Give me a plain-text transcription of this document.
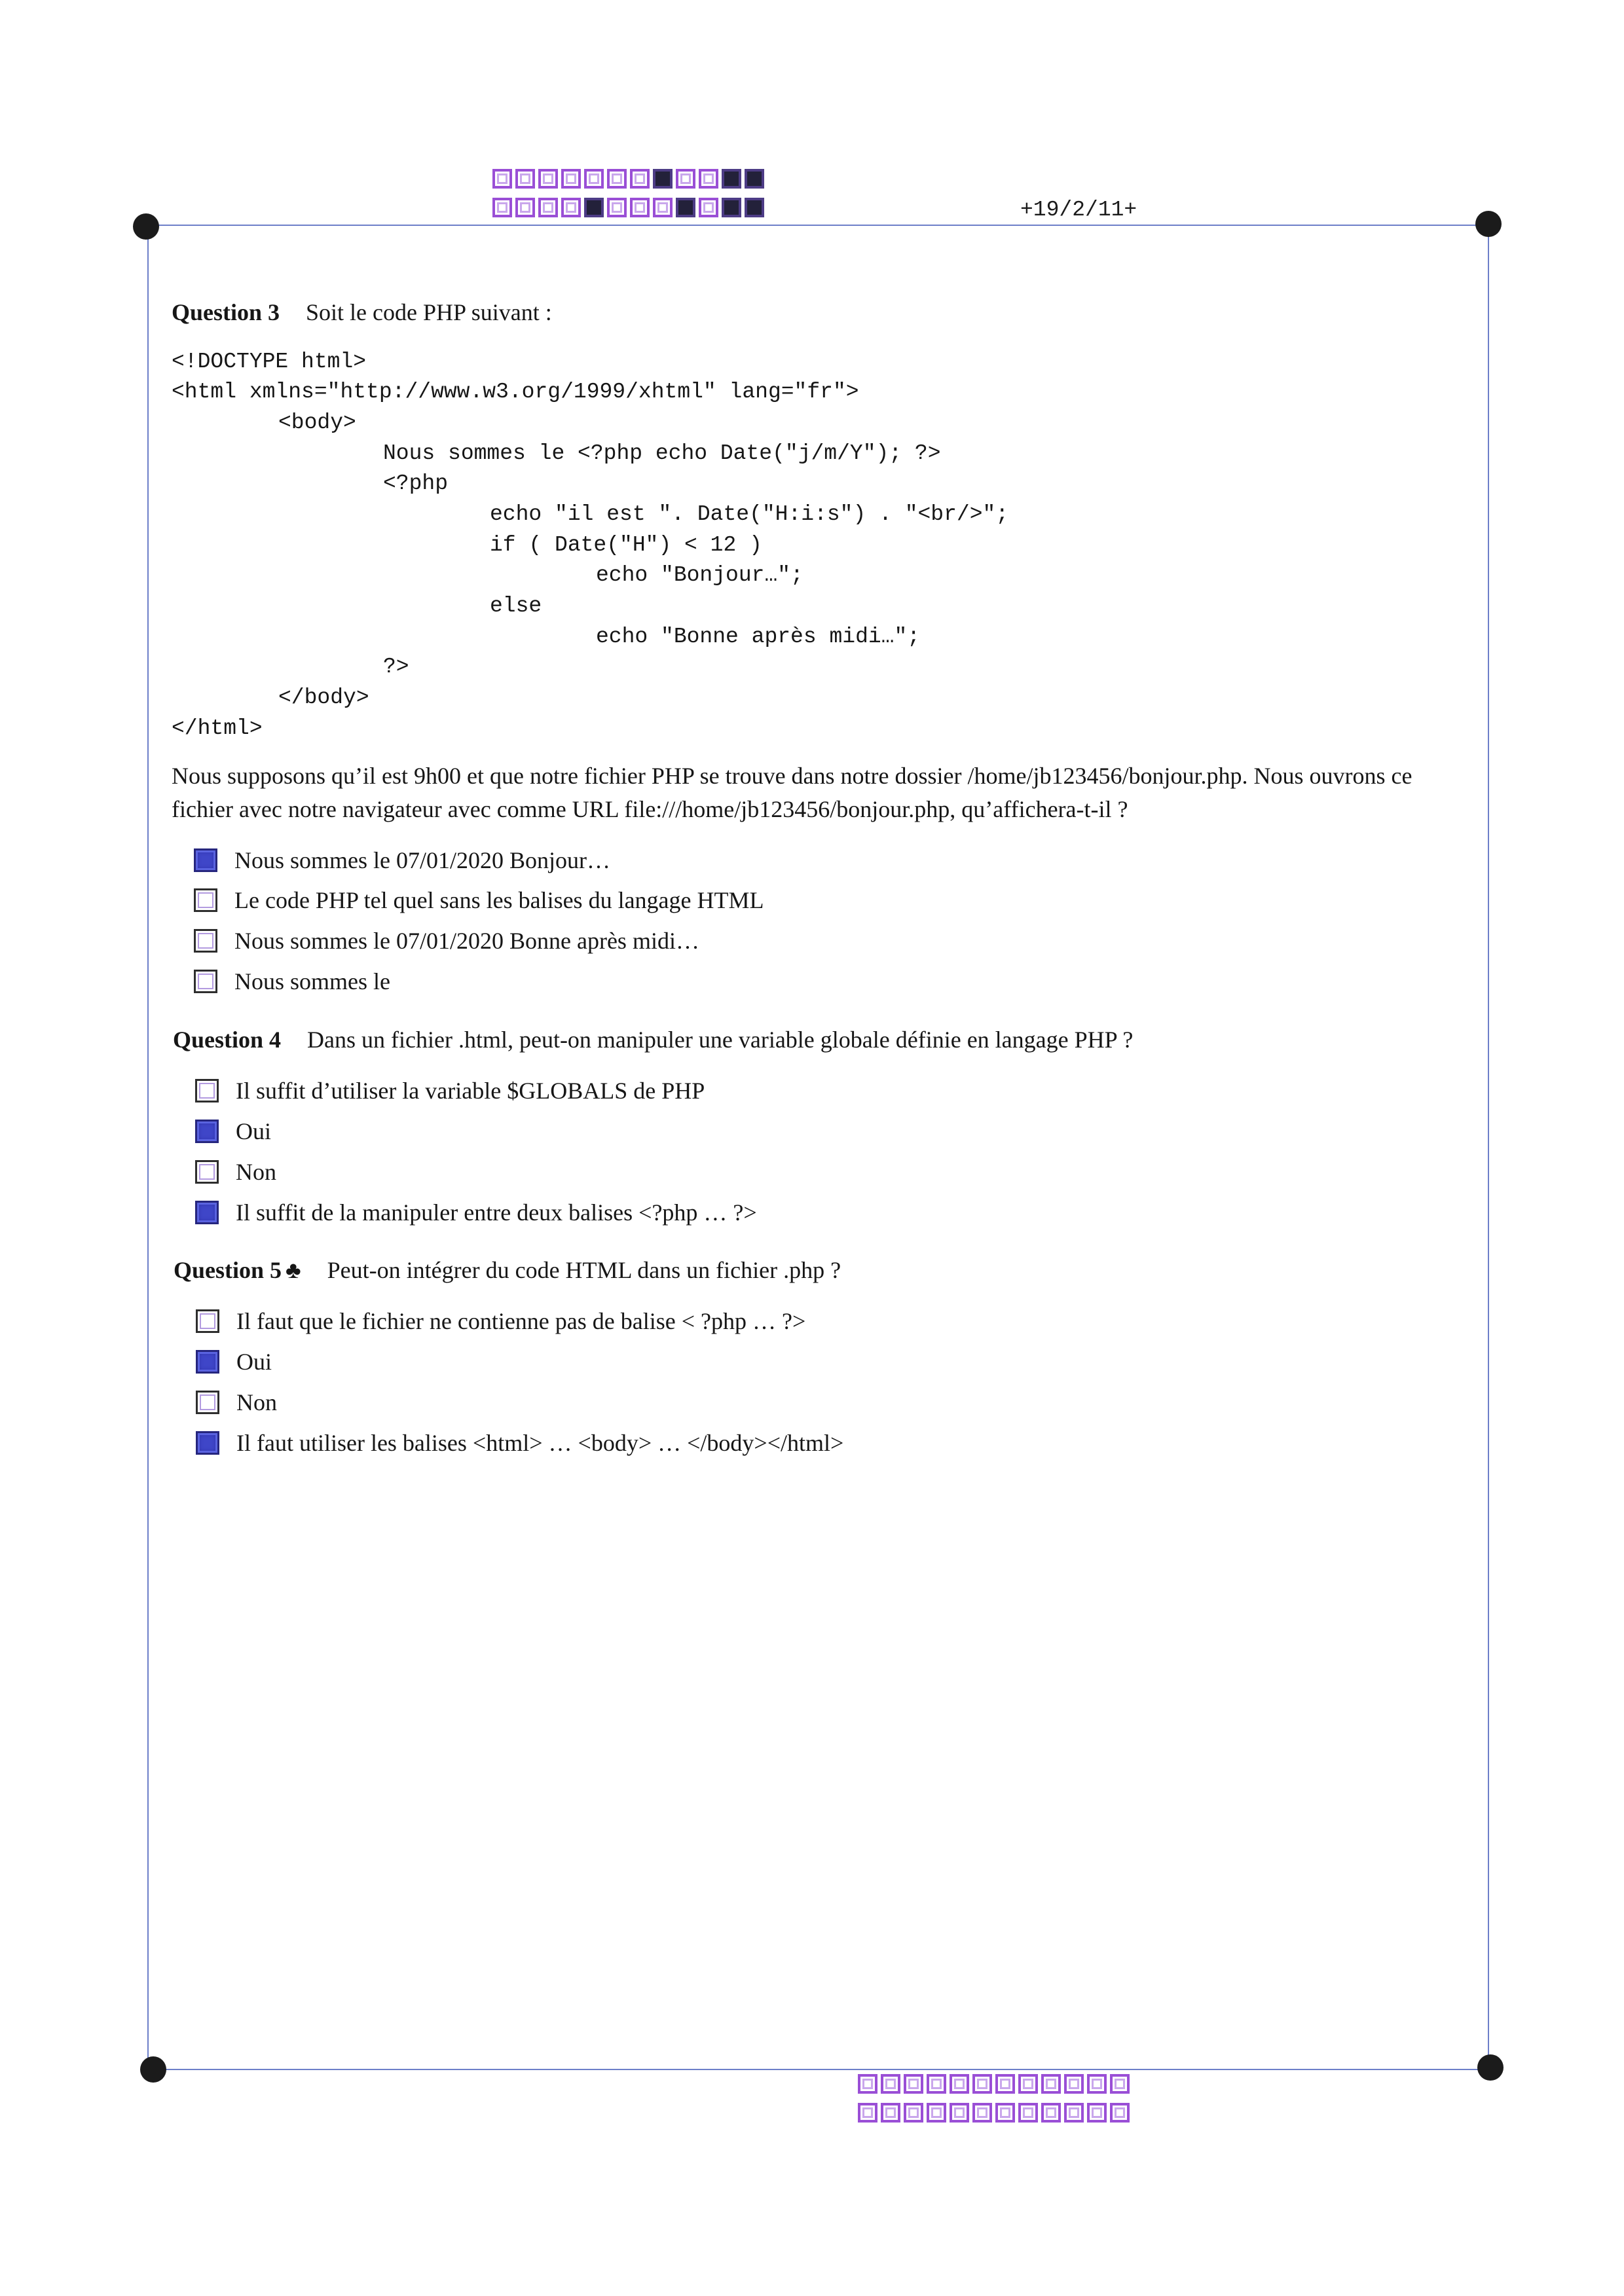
+19/2/11+
Question 3 Soit le code PHP suivant :
<!DOCTYPE html>
<html xmlns="http://www.w3.org/1999/xhtml" lang="fr">
<body>
Nous sommes le <?php echo Date("j/m/Y"); ?>
<?php
echo "il est ". Date("H:i:s") . "<br/>";
if ( Date("H") < 12 )
echo "Bonjour…";
else
echo "Bonne après midi…";
?>
</body>
</html>
Nous supposons qu’il est 9h00 et que notre fichier PHP se trouve dans notre dossier /home/jb123456/bonjour.php. Nous ouvrons ce fichier avec notre navigateur avec comme URL file:///home/jb123456/bonjour.php, qu’affichera-t-il ?
Nous sommes le 07/01/2020 Bonjour…
Le code PHP tel quel sans les balises du langage HTML
Nous sommes le 07/01/2020 Bonne après midi…
Nous sommes le
Question 4 Dans un fichier .html, peut-on manipuler une variable globale définie en langage PHP ?
Il suffit d’utiliser la variable $GLOBALS de PHP
Oui
Non
Il suffit de la manipuler entre deux balises <?php … ?>
Question 5 ♣ Peut-on intégrer du code HTML dans un fichier .php ?
Il faut que le fichier ne contienne pas de balise < ?php … ?>
Oui
Non
Il faut utiliser les balises <html> … <body> … </body></html>
